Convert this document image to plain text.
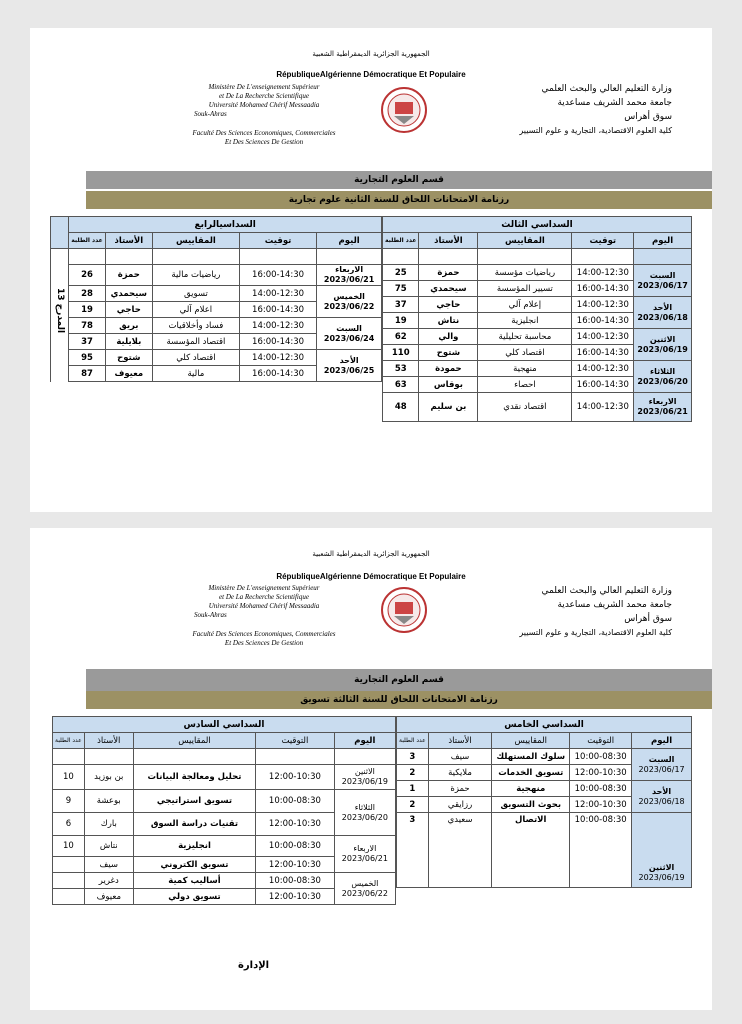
الجمهورية الجزائرية الديمقراطية الشعبية
RépubliqueAlgérienne Démocratique Et Populaire
Ministère De L'enseignement Supérieur
et De La Recherche Scientifique
Université Mohamed Chérif Messaadia
Souk-Ahras
Faculté Des Sciences Economiques, Commerciales
Et Des Sciences De Gestion
وزارة التعليم العالي والبحث العلمي
جامعة محمد الشريف مساعدية
سوق أهراس
كلية العلوم الاقتصادية، التجارية و علوم التسيير
قسم العلوم التجارية
رزنامة الامتحانات اللحاق للسنة الثانية علوم تجارية
السداسي الثالث				
اليوم	توقيت	المقاييس	الأستاذ	عدد الطلبة

السبت
2023/06/17	14:00-12:30	رياضيات مؤسسة	حمزة	25
	16:00-14:30	تسيير المؤسسة	سيحمدي	75

الأحد
2023/06/18	14:00-12:30	إعلام آلي	حاجي	37
	16:00-14:30	انجليزية	نتاش	19

الاثنين
2023/06/19	14:00-12:30	محاسبة تحليلية	والي	62
	16:00-14:30	اقتصاد كلي	شتوح	110

الثلاثاء
2023/06/20	14:00-12:30	منهجية	حمودة	53
	16:00-14:30	احصاء	بوقاس	63

الاربعاء
2023/06/21	14:00-12:30	اقتصاد نقدي	بن سليم	48
السداسيالرابع					
اليوم	توقيت	المقاييس	الأستاذ	عدد الطلبة	

الاربعاء
2023/06/21	16:00-14:30	رياضيات مالية	حمزة	26	

الخميس
2023/06/22	14:00-12:30	تسويق	سيحمدي	28	
	16:00-14:30	اعلام آلي	حاجي	19	

السبت
2023/06/24	14:00-12:30	فساد وأخلاقيات	بريق	78	
	16:00-14:30	اقتصاد المؤسسة	بلايلية	37	

الأحد
2023/06/25	14:00-12:30	اقتصاد كلي	شتوح	95	
	16:00-14:30	مالية	معيوف	87	
المدرج 13
الجمهورية الجزائرية الديمقراطية الشعبية
RépubliqueAlgérienne Démocratique Et Populaire
Ministère De L'enseignement Supérieur
et De La Recherche Scientifique
Université Mohamed Chérif Messaadia
Souk-Ahras
Faculté Des Sciences Economiques, Commerciales
Et Des Sciences De Gestion
وزارة التعليم العالي والبحث العلمي
جامعة محمد الشريف مساعدية
سوق أهراس
كلية العلوم الاقتصادية، التجارية و علوم التسيير
قسم العلوم التجارية
رزنامة الامتحانات اللحاق للسنة الثالثة تسويق
السداسي الخامس				
اليوم	التوقيت	المقاييس	الأستاذ	عدد الطلبة

السبت
2023/06/17	10:00-08:30	سلوك المستهلك	سيف	3
	12:00-10:30	تسويق الخدمات	ملايكية	2

الأحد
2023/06/18	10:00-08:30	منهجية	حمزة	1
	12:00-10:30	بحوث التسويق	رزايقي	2

الاثنين
2023/06/19	10:00-08:30	الاتصال	سعيدي	3
السداسي السادس				
اليوم	التوقيت	المقاييس	الأستاذ	عدد الطلبة

الاثنين
2023/06/19	12:00-10:30	تحليل ومعالجة البيانات	بن بوزيد	10

الثلاثاء
2023/06/20	10:00-08:30	تسويق استراتيجي	بوعشة	9
	12:00-10:30	تقنيات دراسة السوق	بارك	6

الاربعاء
2023/06/21	10:00-08:30	انجليزية	نتاش	10
	12:00-10:30	تسويق الكتروني	سيف	

الخميس
2023/06/22	10:00-08:30	أساليب كمية	دغرير	
	12:00-10:30	تسويق دولي	معيوف	
الإدارة
